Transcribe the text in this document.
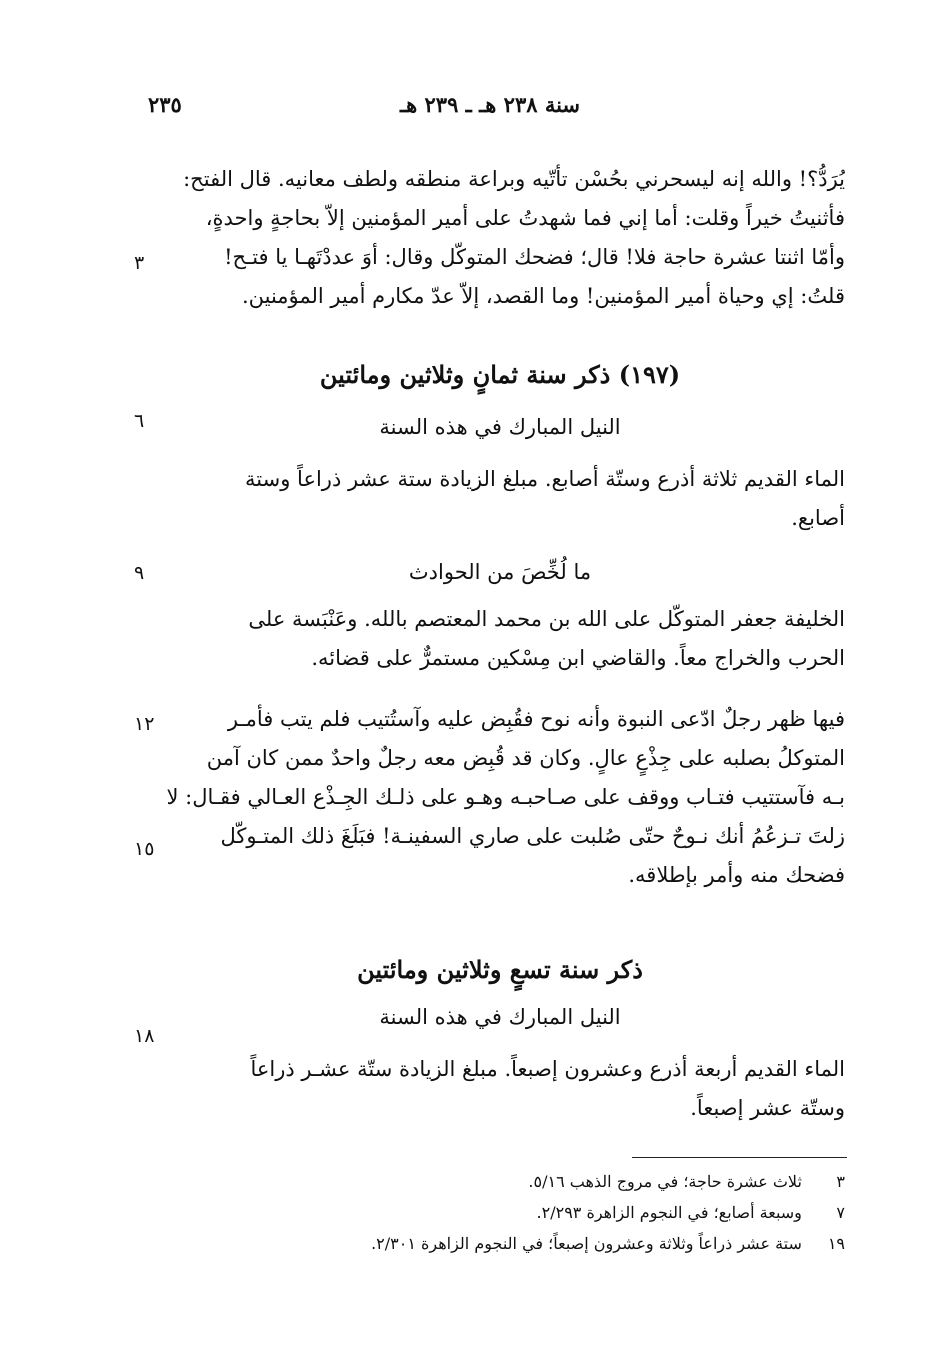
٢٣٥	سنة ٢٣٨ هـ ـ ٢٣٩ هـ
يُرَدُّ؟! والله إنه ليسحرني بحُسْن تأتّيه وبراعة منطقه ولطف معانيه. قال الفتح:
فأثنيتُ خيراً وقلت: أما إني فما شهدتُ على أمير المؤمنين إلاّ بحاجةٍ واحدةٍ،
وأمّا اثنتا عشرة حاجة فلا! قال؛ فضحك المتوكّل وقال: أوَ عددْتَهـا يا فتـح!
قلتُ: إي وحياة أمير المؤمنين! وما القصد، إلاّ عدّ مكارم أمير المؤمنين.
٣
(١٩٧) ذكر سنة ثمانٍ وثلاثين ومائتين
النيل المبارك في هذه السنة
٦
الماء القديم ثلاثة أذرع وستّة أصابع. مبلغ الزيادة ستة عشر ذراعاً وستة
أصابع.
ما لُخِّصَ من الحوادث
٩
الخليفة جعفر المتوكّل على الله بن محمد المعتصم بالله. وعَنْبَسة على
الحرب والخراج معاً. والقاضي ابن مِسْكين مستمرٌّ على قضائه.
فيها ظهر رجلٌ ادّعى النبوة وأنه نوح فقُبِض عليه وآستُتيب فلم يتب فأمـر
المتوكلُ بصلبه على جِذْعٍ عالٍ. وكان قد قُبِض معه رجلٌ واحدٌ ممن كان آمن
بـه فآستتيب فتـاب ووقف على صـاحبـه وهـو على ذلـك الجِـذْع العـالي فقـال: لا
زلتَ تـزعُمُ أنك نـوحٌ حتّى صُلبت على صاري السفينـة! فبَلَغَ ذلك المتـوكّل
فضحك منه وأمر بإطلاقه.
١٢
١٥
ذكر سنة تسعٍ وثلاثين ومائتين
النيل المبارك في هذه السنة
١٨
الماء القديم أربعة أذرع وعشرون إصبعاً. مبلغ الزيادة ستّة عشـر ذراعاً
وستّة عشر إصبعاً.
٣ ثلاث عشرة حاجة؛ في مروج الذهب ٥/١٦.
٧ وسبعة أصابع؛ في النجوم الزاهرة ٢/٢٩٣.
١٩ ستة عشر ذراعاً وثلاثة وعشرون إصبعاً؛ في النجوم الزاهرة ٢/٣٠١.
